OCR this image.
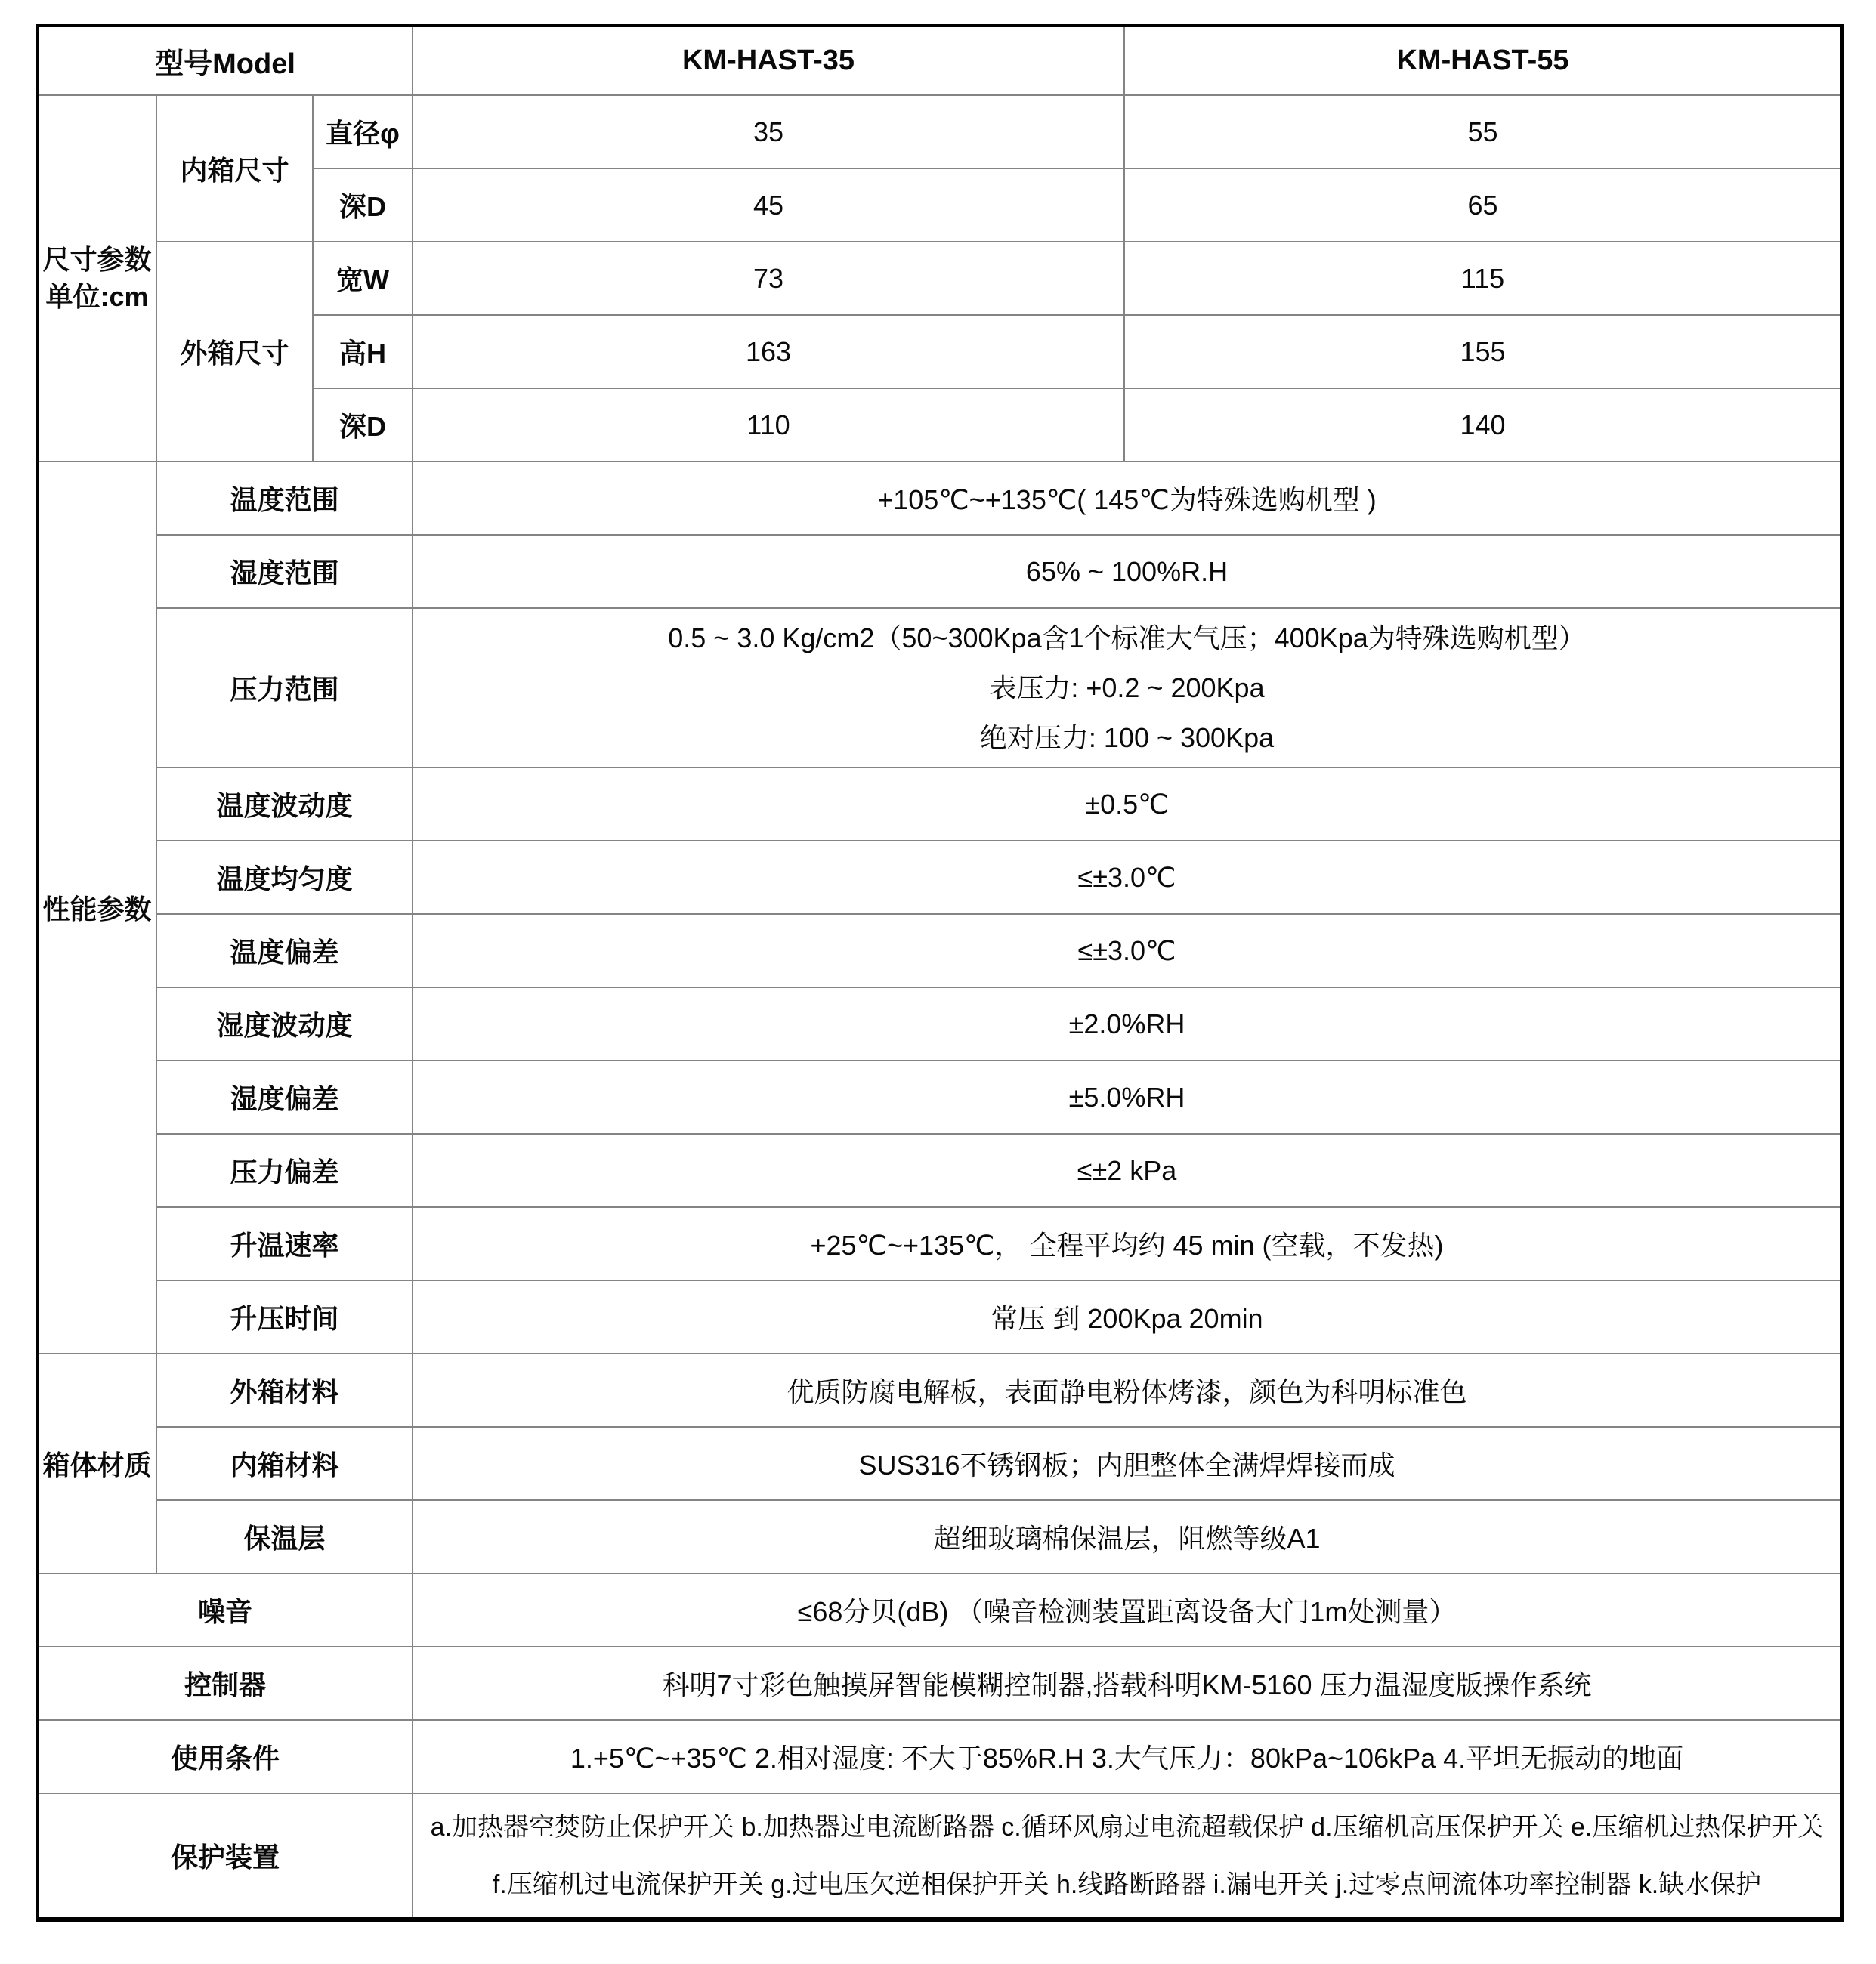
型号Model			KM-HAST-35	KM-HAST-55

尺寸参数
单位:cm	内箱尺寸	直径φ	35	55
		深D	45	65
	外箱尺寸	宽W	73	115
		高H	163	155
		深D	110	140
性能参数	温度范围		+105℃~+135℃( 145℃为特殊选购机型 )	
	湿度范围		65% ~ 100%R.H	
	压力范围		0.5 ~ 3.0 Kg/cm2（50~300Kpa含1个标准大气压；400Kpa为特殊选购机型）
表压力: +0.2 ~ 200Kpa
绝对压力: 100 ~ 300Kpa	

	温度波动度		±0.5℃	
	温度均匀度		≤±3.0℃	
	温度偏差		≤±3.0℃	
	湿度波动度		±2.0%RH	
	湿度偏差		±5.0%RH	
	压力偏差		≤±2 kPa	
	升温速率		+25℃~+135℃， 全程平均约 45 min (空载，不发热)	
	升压时间		常压 到 200Kpa 20min	
箱体材质	外箱材料		优质防腐电解板，表面静电粉体烤漆，颜色为科明标准色	
	内箱材料		SUS316不锈钢板；内胆整体全满焊焊接而成	
	保温层		超细玻璃棉保温层，阻燃等级A1	
噪音			≤68分贝(dB) （噪音检测装置距离设备大门1m处测量）	
控制器			科明7寸彩色触摸屏智能模糊控制器,搭载科明KM-5160 压力温湿度版操作系统	
使用条件			1.+5℃~+35℃ 2.相对湿度: 不大于85%R.H 3.大气压力：80kPa~106kPa 4.平坦无振动的地面	
保护装置			a.加热器空焚防止保护开关 b.加热器过电流断路器 c.循环风扇过电流超载保护 d.压缩机高压保护开关 e.压缩机过热保护开关
f.压缩机过电流保护开关 g.过电压欠逆相保护开关 h.线路断路器 i.漏电开关 j.过零点闸流体功率控制器 k.缺水保护	
